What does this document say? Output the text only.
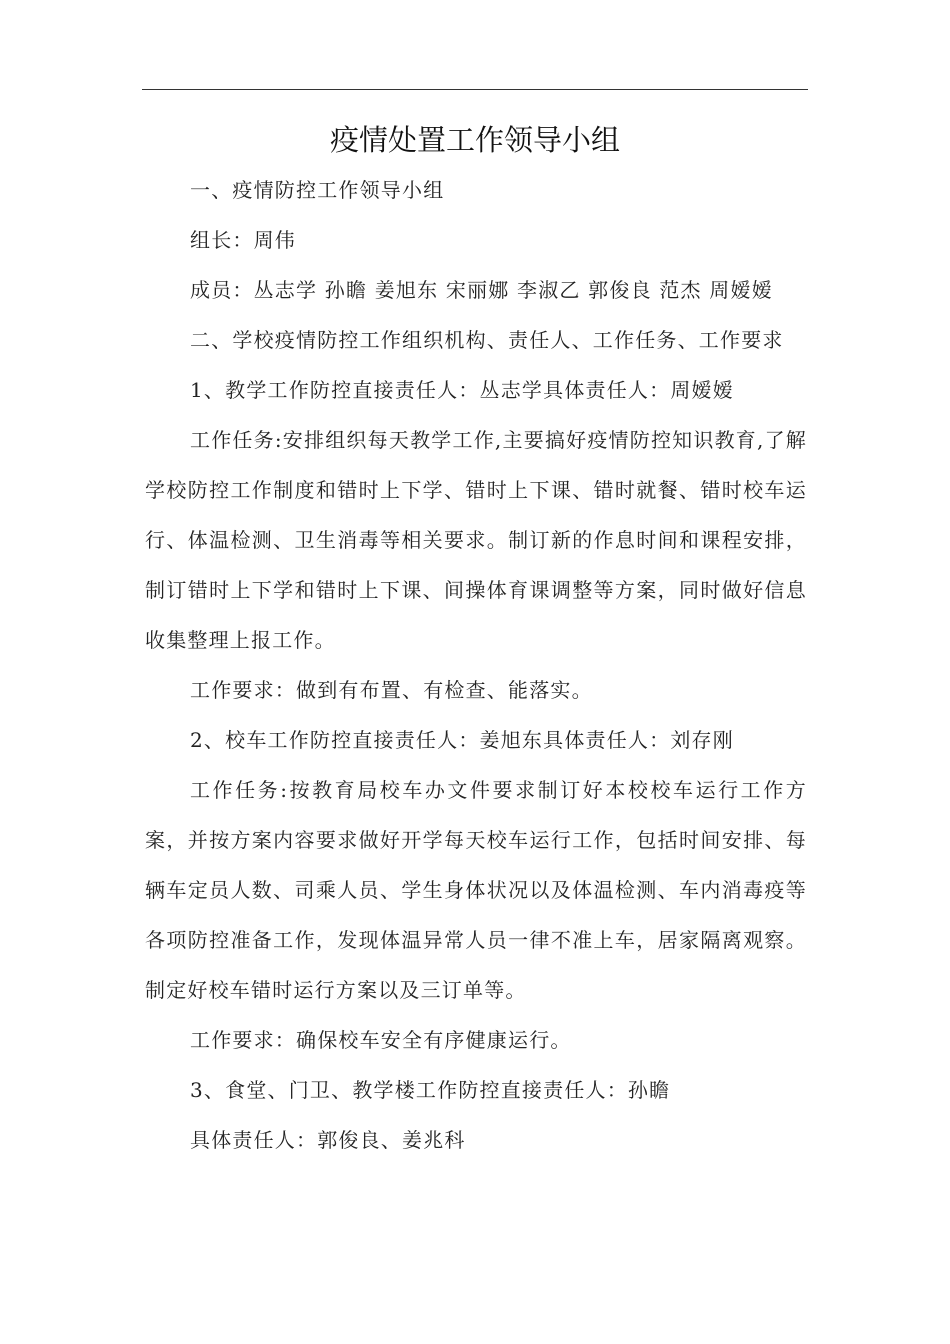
疫情处置工作领导小组

一、疫情防控工作领导小组

组长：周伟

成员：丛志学 孙瞻 姜旭东 宋丽娜 李淑乙 郭俊良 范杰 周嫒嫒

二、学校疫情防控工作组织机构、责任人、工作任务、工作要求

1、教学工作防控直接责任人：丛志学具体责任人：周嫒嫒

工作任务:安排组织每天教学工作,主要搞好疫情防控知识教育,了解学校防控工作制度和错时上下学、错时上下课、错时就餐、错时校车运行、体温检测、卫生消毒等相关要求。制订新的作息时间和课程安排，制订错时上下学和错时上下课、间操体育课调整等方案，同时做好信息收集整理上报工作。

工作要求：做到有布置、有检查、能落实。

2、校车工作防控直接责任人：姜旭东具体责任人：刘存刚

工作任务:按教育局校车办文件要求制订好本校校车运行工作方案，并按方案内容要求做好开学每天校车运行工作，包括时间安排、每辆车定员人数、司乘人员、学生身体状况以及体温检测、车内消毒疫等各项防控准备工作，发现体温异常人员一律不准上车，居家隔离观察。制定好校车错时运行方案以及三订单等。

工作要求：确保校车安全有序健康运行。

3、食堂、门卫、教学楼工作防控直接责任人：孙瞻

具体责任人：郭俊良、姜兆科
